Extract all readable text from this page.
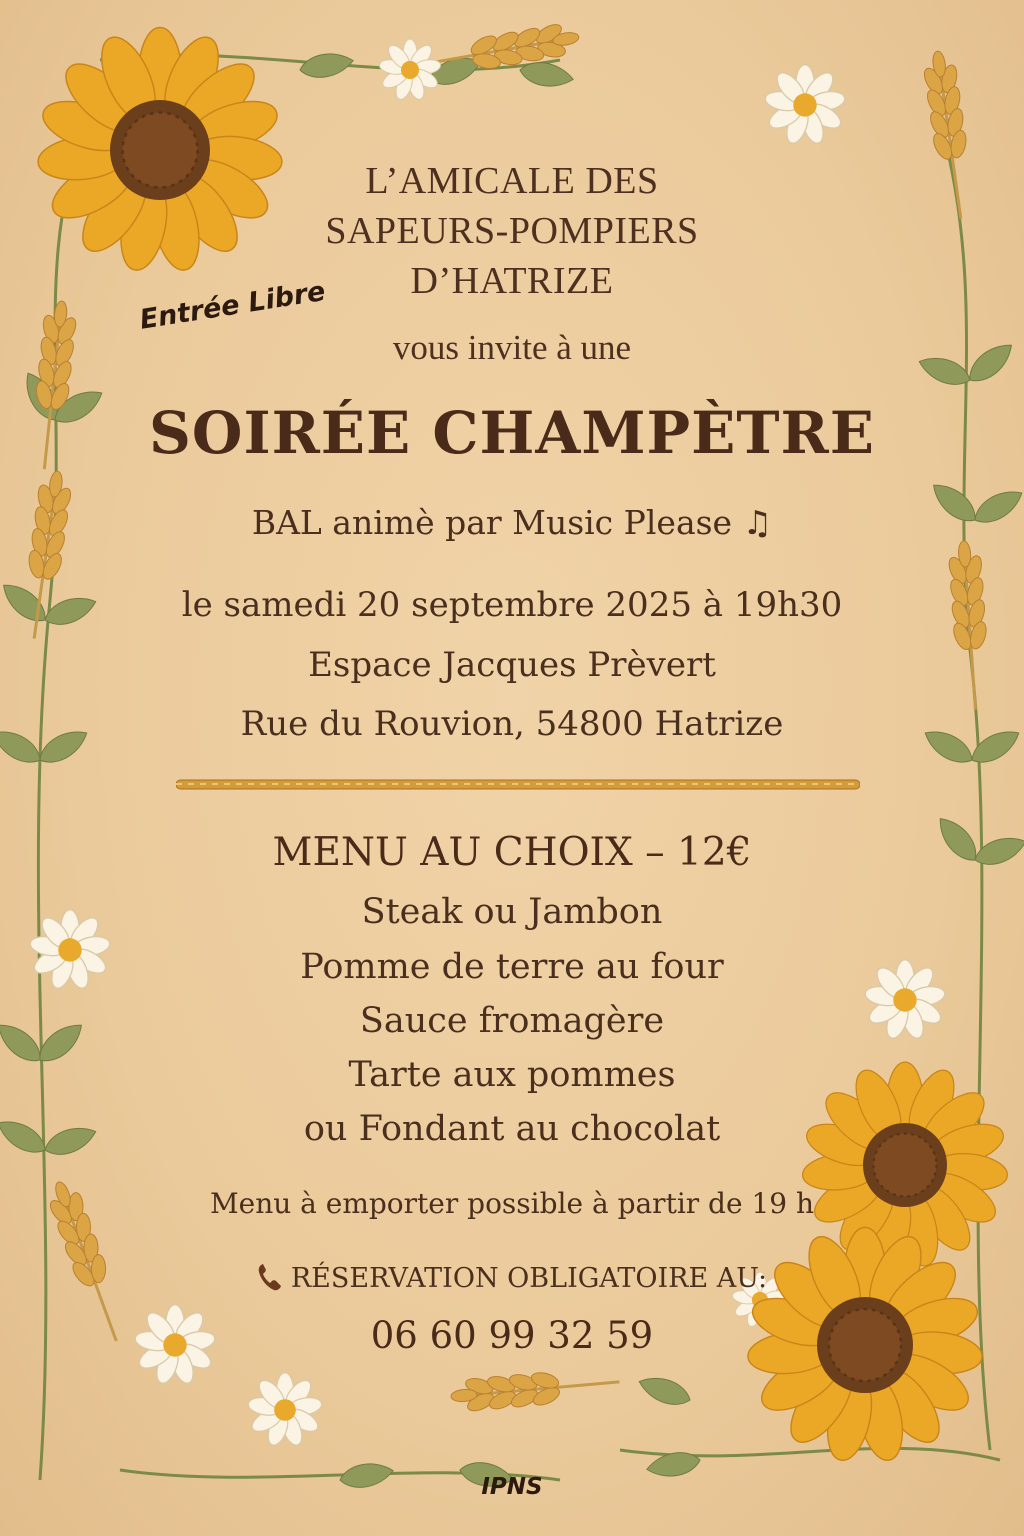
L’AMICALE DES
SAPEURS-POMPIERS
D’HATRIZE
vous invite à une
Entrée Libre
SOIRÉE CHAMPÈTRE
BAL animè par Music Please ♫
le samedi 20 septembre 2025 à 19h30
Espace Jacques Prèvert
Rue du Rouvion, 54800 Hatrize
MENU AU CHOIX – 12€
Steak ou Jambon
Pomme de terre au four
Sauce fromagère
Tarte aux pommes
ou Fondant au chocolat
Menu à emporter possible à partir de 19 h
RÉSERVATION OBLIGATOIRE AU:
06 60 99 32 59
IPNS
